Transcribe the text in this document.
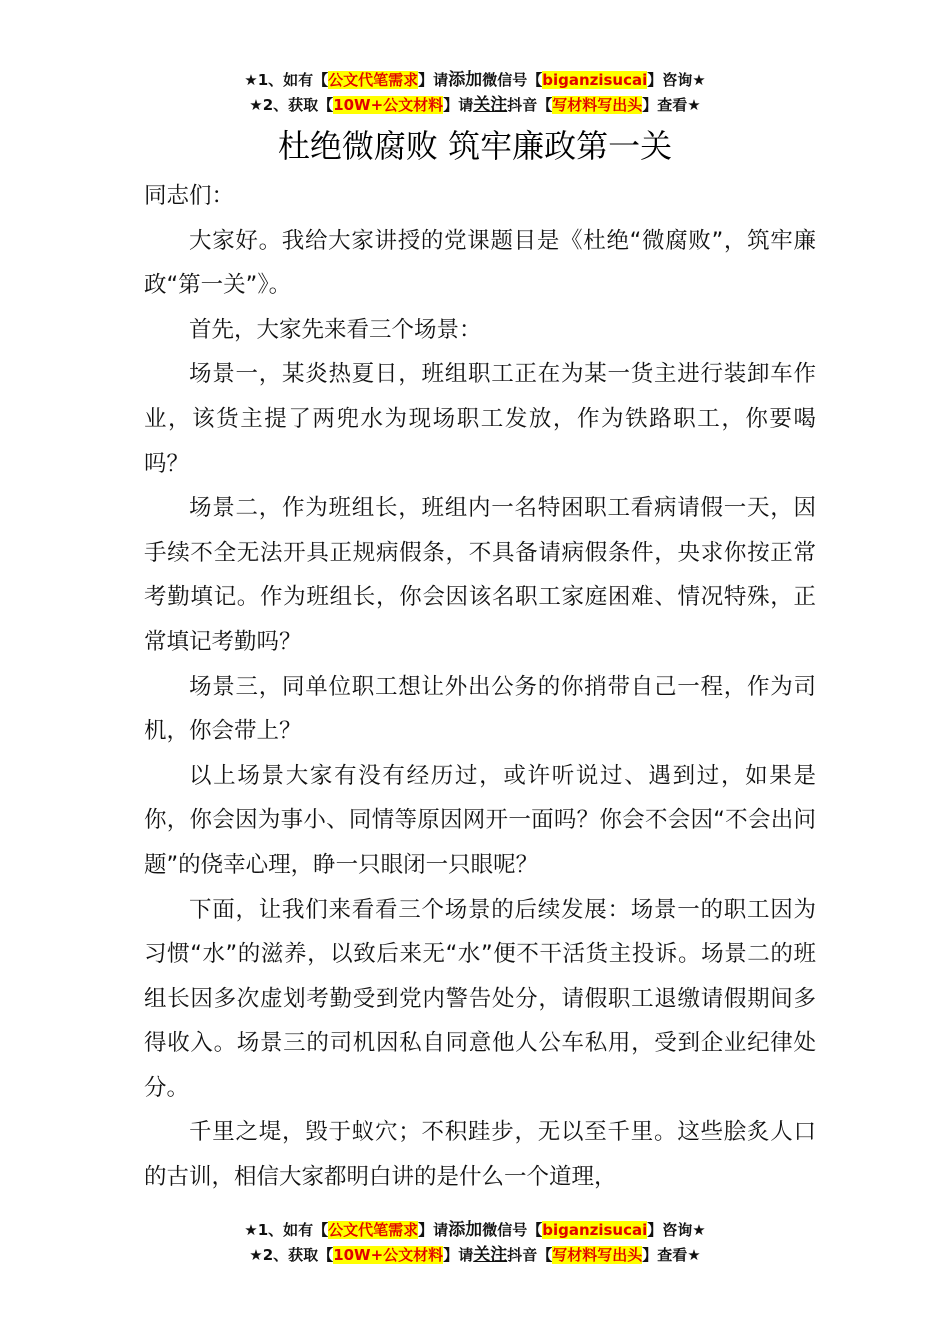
★1、如有【公文代笔需求】请添加微信号【biganzisucai】咨询★
★2、获取【10W+公文材料】请关注抖音【写材料写出头】查看★
杜绝微腐败 筑牢廉政第一关

同志们：

大家好。我给大家讲授的党课题目是《杜绝“微腐败”，筑牢廉政“第一关”》。

首先，大家先来看三个场景：

场景一，某炎热夏日，班组职工正在为某一货主进行装卸车作业，该货主提了两兜水为现场职工发放，作为铁路职工，你要喝吗？

场景二，作为班组长，班组内一名特困职工看病请假一天，因手续不全无法开具正规病假条，不具备请病假条件，央求你按正常考勤填记。作为班组长，你会因该名职工家庭困难、情况特殊，正常填记考勤吗？

场景三，同单位职工想让外出公务的你捎带自己一程，作为司机，你会带上？

以上场景大家有没有经历过，或许听说过、遇到过，如果是你，你会因为事小、同情等原因网开一面吗？你会不会因“不会出问题”的侥幸心理，睁一只眼闭一只眼呢？

下面，让我们来看看三个场景的后续发展：场景一的职工因为习惯“水”的滋养，以致后来无“水”便不干活货主投诉。场景二的班组长因多次虚划考勤受到党内警告处分，请假职工退缴请假期间多得收入。场景三的司机因私自同意他人公车私用，受到企业纪律处分。

千里之堤，毁于蚁穴；不积跬步，无以至千里。这些脍炙人口的古训，相信大家都明白讲的是什么一个道理，

★1、如有【公文代笔需求】请添加微信号【biganzisucai】咨询★
★2、获取【10W+公文材料】请关注抖音【写材料写出头】查看★
